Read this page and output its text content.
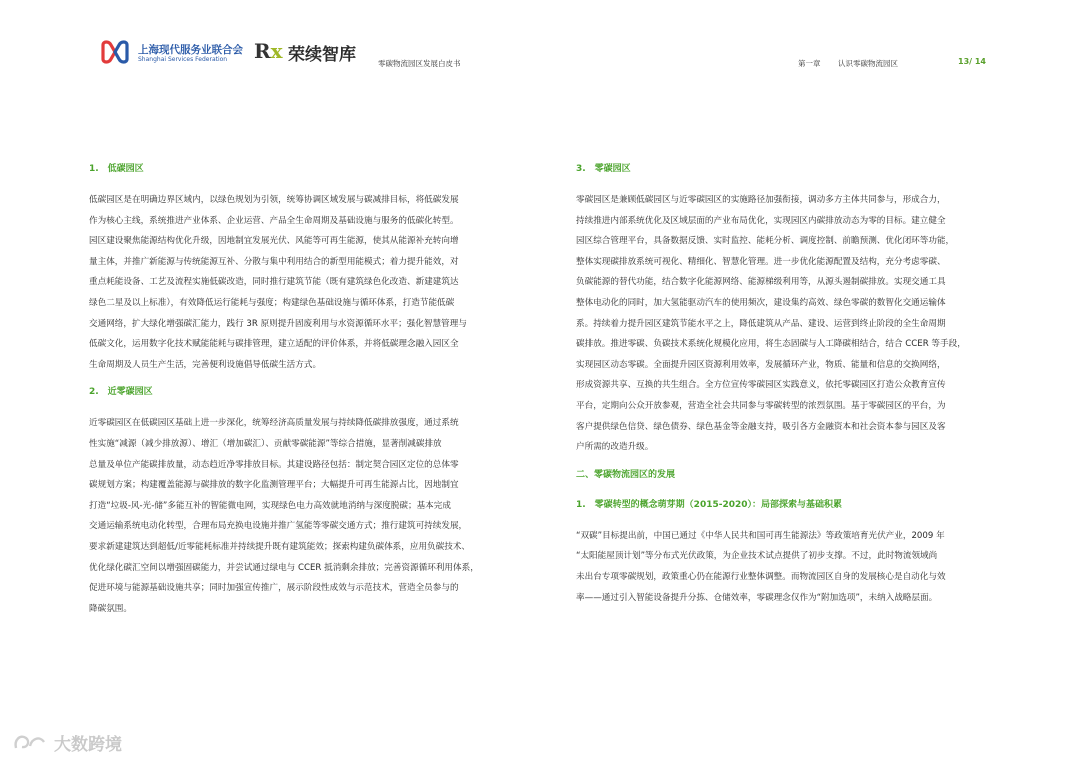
上海现代服务业联合会
Shanghai Services Federation Rx 荣续智库	零碳物流园区发展白皮书	第一章 认识零碳物流园区	13/ 14
1.　低碳园区
低碳园区是在明确边界区域内，以绿色规划为引领，统筹协调区域发展与碳减排目标，将低碳发展
作为核心主线，系统推进产业体系、企业运营、产品全生命周期及基础设施与服务的低碳化转型。
园区建设聚焦能源结构优化升级，因地制宜发展光伏、风能等可再生能源，使其从能源补充转向增
量主体，并推广新能源与传统能源互补、分散与集中利用结合的新型用能模式；着力提升能效，对
重点耗能设备、工艺及流程实施低碳改造，同时推行建筑节能（既有建筑绿色化改造、新建建筑达
绿色二星及以上标准），有效降低运行能耗与强度；构建绿色基础设施与循环体系，打造节能低碳
交通网络，扩大绿化增强碳汇能力，践行 3R 原则提升固废利用与水资源循环水平；强化智慧管理与
低碳文化，运用数字化技术赋能能耗与碳排管理，建立适配的评价体系，并将低碳理念融入园区全
生命周期及人员生产生活，完善便利设施倡导低碳生活方式。
2.　近零碳园区
近零碳园区在低碳园区基础上进一步深化，统筹经济高质量发展与持续降低碳排放强度，通过系统
性实施“减源（减少排放源）、增汇（增加碳汇）、贡献零碳能源”等综合措施，显著削减碳排放
总量及单位产能碳排放量，动态趋近净零排放目标。其建设路径包括：制定契合园区定位的总体零
碳规划方案；构建覆盖能源与碳排放的数字化监测管理平台；大幅提升可再生能源占比，因地制宜
打造“垃圾-风-光-储”多能互补的智能微电网，实现绿色电力高效就地消纳与深度脱碳；基本完成
交通运输系统电动化转型，合理布局充换电设施并推广氢能等零碳交通方式；推行建筑可持续发展，
要求新建建筑达到超低/近零能耗标准并持续提升既有建筑能效；探索构建负碳体系，应用负碳技术、
优化绿化碳汇空间以增强固碳能力，并尝试通过绿电与 CCER 抵消剩余排放；完善资源循环利用体系，
促进环境与能源基础设施共享；同时加强宣传推广，展示阶段性成效与示范技术，营造全员参与的
降碳氛围。
3.　零碳园区
零碳园区是兼顾低碳园区与近零碳园区的实施路径加强衔接，调动多方主体共同参与，形成合力，
持续推进内部系统优化及区域层面的产业布局优化，实现园区内碳排放动态为零的目标。建立健全
园区综合管理平台，具备数据反馈、实时监控、能耗分析、调度控制、前瞻预测、优化闭环等功能，
整体实现碳排放系统可视化、精细化、智慧化管理。进一步优化能源配置及结构，充分考虑零碳、
负碳能源的替代功能，结合数字化能源网络、能源梯级利用等，从源头遏制碳排放。实现交通工具
整体电动化的同时，加大氢能驱动汽车的使用频次，建设集约高效、绿色零碳的数智化交通运输体
系。持续着力提升园区建筑节能水平之上，降低建筑从产品、建设、运营到终止阶段的全生命周期
碳排放。推进零碳、负碳技术系统化规模化应用，将生态固碳与人工降碳相结合，结合 CCER 等手段，
实现园区动态零碳。全面提升园区资源利用效率，发展循环产业，物质、能量和信息的交换网络，
形成资源共享、互换的共生组合。全方位宣传零碳园区实践意义，依托零碳园区打造公众教育宣传
平台，定期向公众开放参观，营造全社会共同参与零碳转型的浓烈氛围。基于零碳园区的平台，为
客户提供绿色信贷、绿色债券、绿色基金等金融支持，吸引各方金融资本和社会资本参与园区及客
户所需的改造升级。
二、零碳物流园区的发展
1.　零碳转型的概念萌芽期（2015-2020）：局部探索与基础积累
“双碳”目标提出前，中国已通过《中华人民共和国可再生能源法》等政策培育光伏产业，2009 年
“太阳能屋顶计划”等分布式光伏政策，为企业技术试点提供了初步支撑。不过，此时物流领域尚
未出台专项零碳规划，政策重心仍在能源行业整体调整。而物流园区自身的发展核心是自动化与效
率——通过引入智能设备提升分拣、仓储效率，零碳理念仅作为“附加选项”，未纳入战略层面。
大数跨境
